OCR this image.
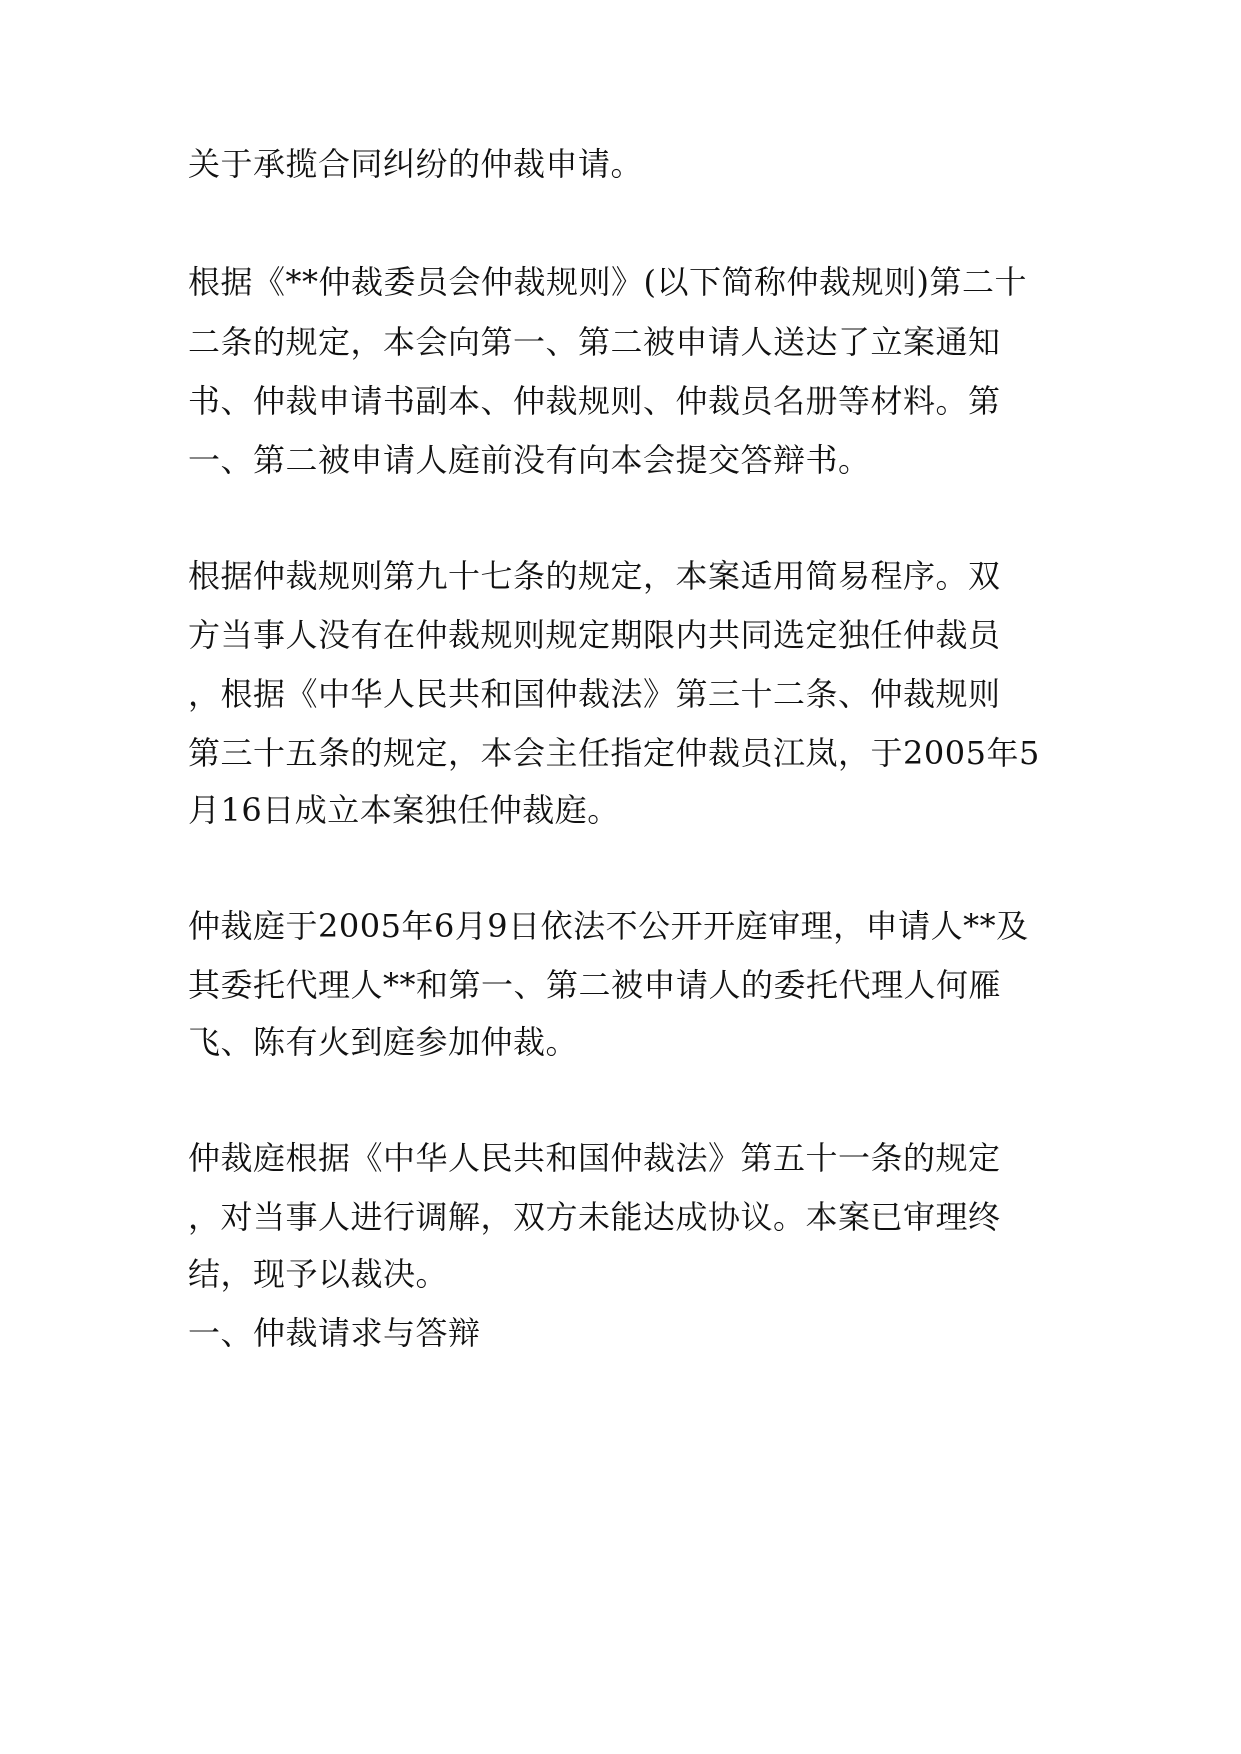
关于承揽合同纠纷的仲裁申请。

根据《**仲裁委员会仲裁规则》(以下简称仲裁规则)第二十

二条的规定，本会向第一、第二被申请人送达了立案通知

书、仲裁申请书副本、仲裁规则、仲裁员名册等材料。第

一、第二被申请人庭前没有向本会提交答辩书。

根据仲裁规则第九十七条的规定，本案适用简易程序。双

方当事人没有在仲裁规则规定期限内共同选定独任仲裁员

，根据《中华人民共和国仲裁法》第三十二条、仲裁规则

第三十五条的规定，本会主任指定仲裁员江岚，于2005年5

月16日成立本案独任仲裁庭。

仲裁庭于2005年6月9日依法不公开开庭审理，申请人**及

其委托代理人**和第一、第二被申请人的委托代理人何雁

飞、陈有火到庭参加仲裁。

仲裁庭根据《中华人民共和国仲裁法》第五十一条的规定

，对当事人进行调解，双方未能达成协议。本案已审理终

结，现予以裁决。

一、仲裁请求与答辩
